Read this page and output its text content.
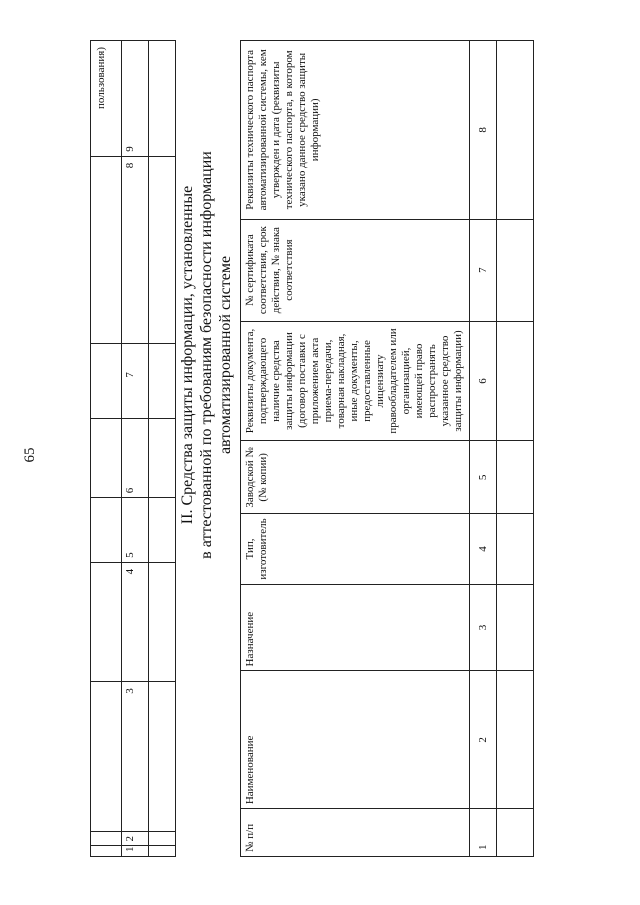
65
								пользования)
1	2	3	4	5	6	7	8	9

II. Средства защиты информации, установленные в аттестованной по требованиям безопасности информации автоматизированной системе
№ п/п	Наименование	Назначение	Тип, изготовитель	Заводской № (№ копии)	Реквизиты документа, подтверждающего наличие средства защиты информации (договор поставки с приложением акта приема-передачи, товарная накладная, иные документы, предоставленные лицензиату правообладателем или организацией, имеющей право распространять указанное средство защиты информации)	№ сертификата соответствия, срок действия, № знака соответствия	Реквизиты технического паспорта автоматизированной системы, кем утвержден и дата (реквизиты технического паспорта, в котором указано данное средство защиты информации)
1	2	3	4	5	6	7	8
